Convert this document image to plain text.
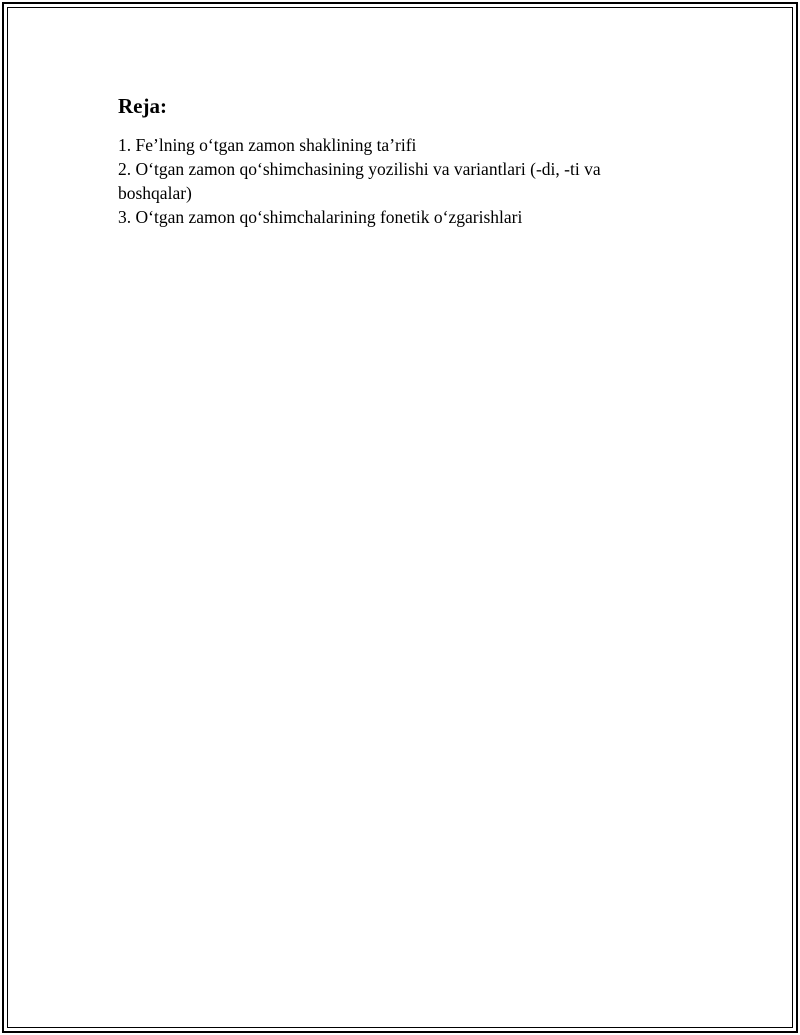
Reja:
1. Fe’lning o‘tgan zamon shaklining ta’rifi
2. O‘tgan zamon qo‘shimchasining yozilishi va variantlari (-di, -ti va boshqalar)
3. O‘tgan zamon qo‘shimchalarining fonetik o‘zgarishlari
